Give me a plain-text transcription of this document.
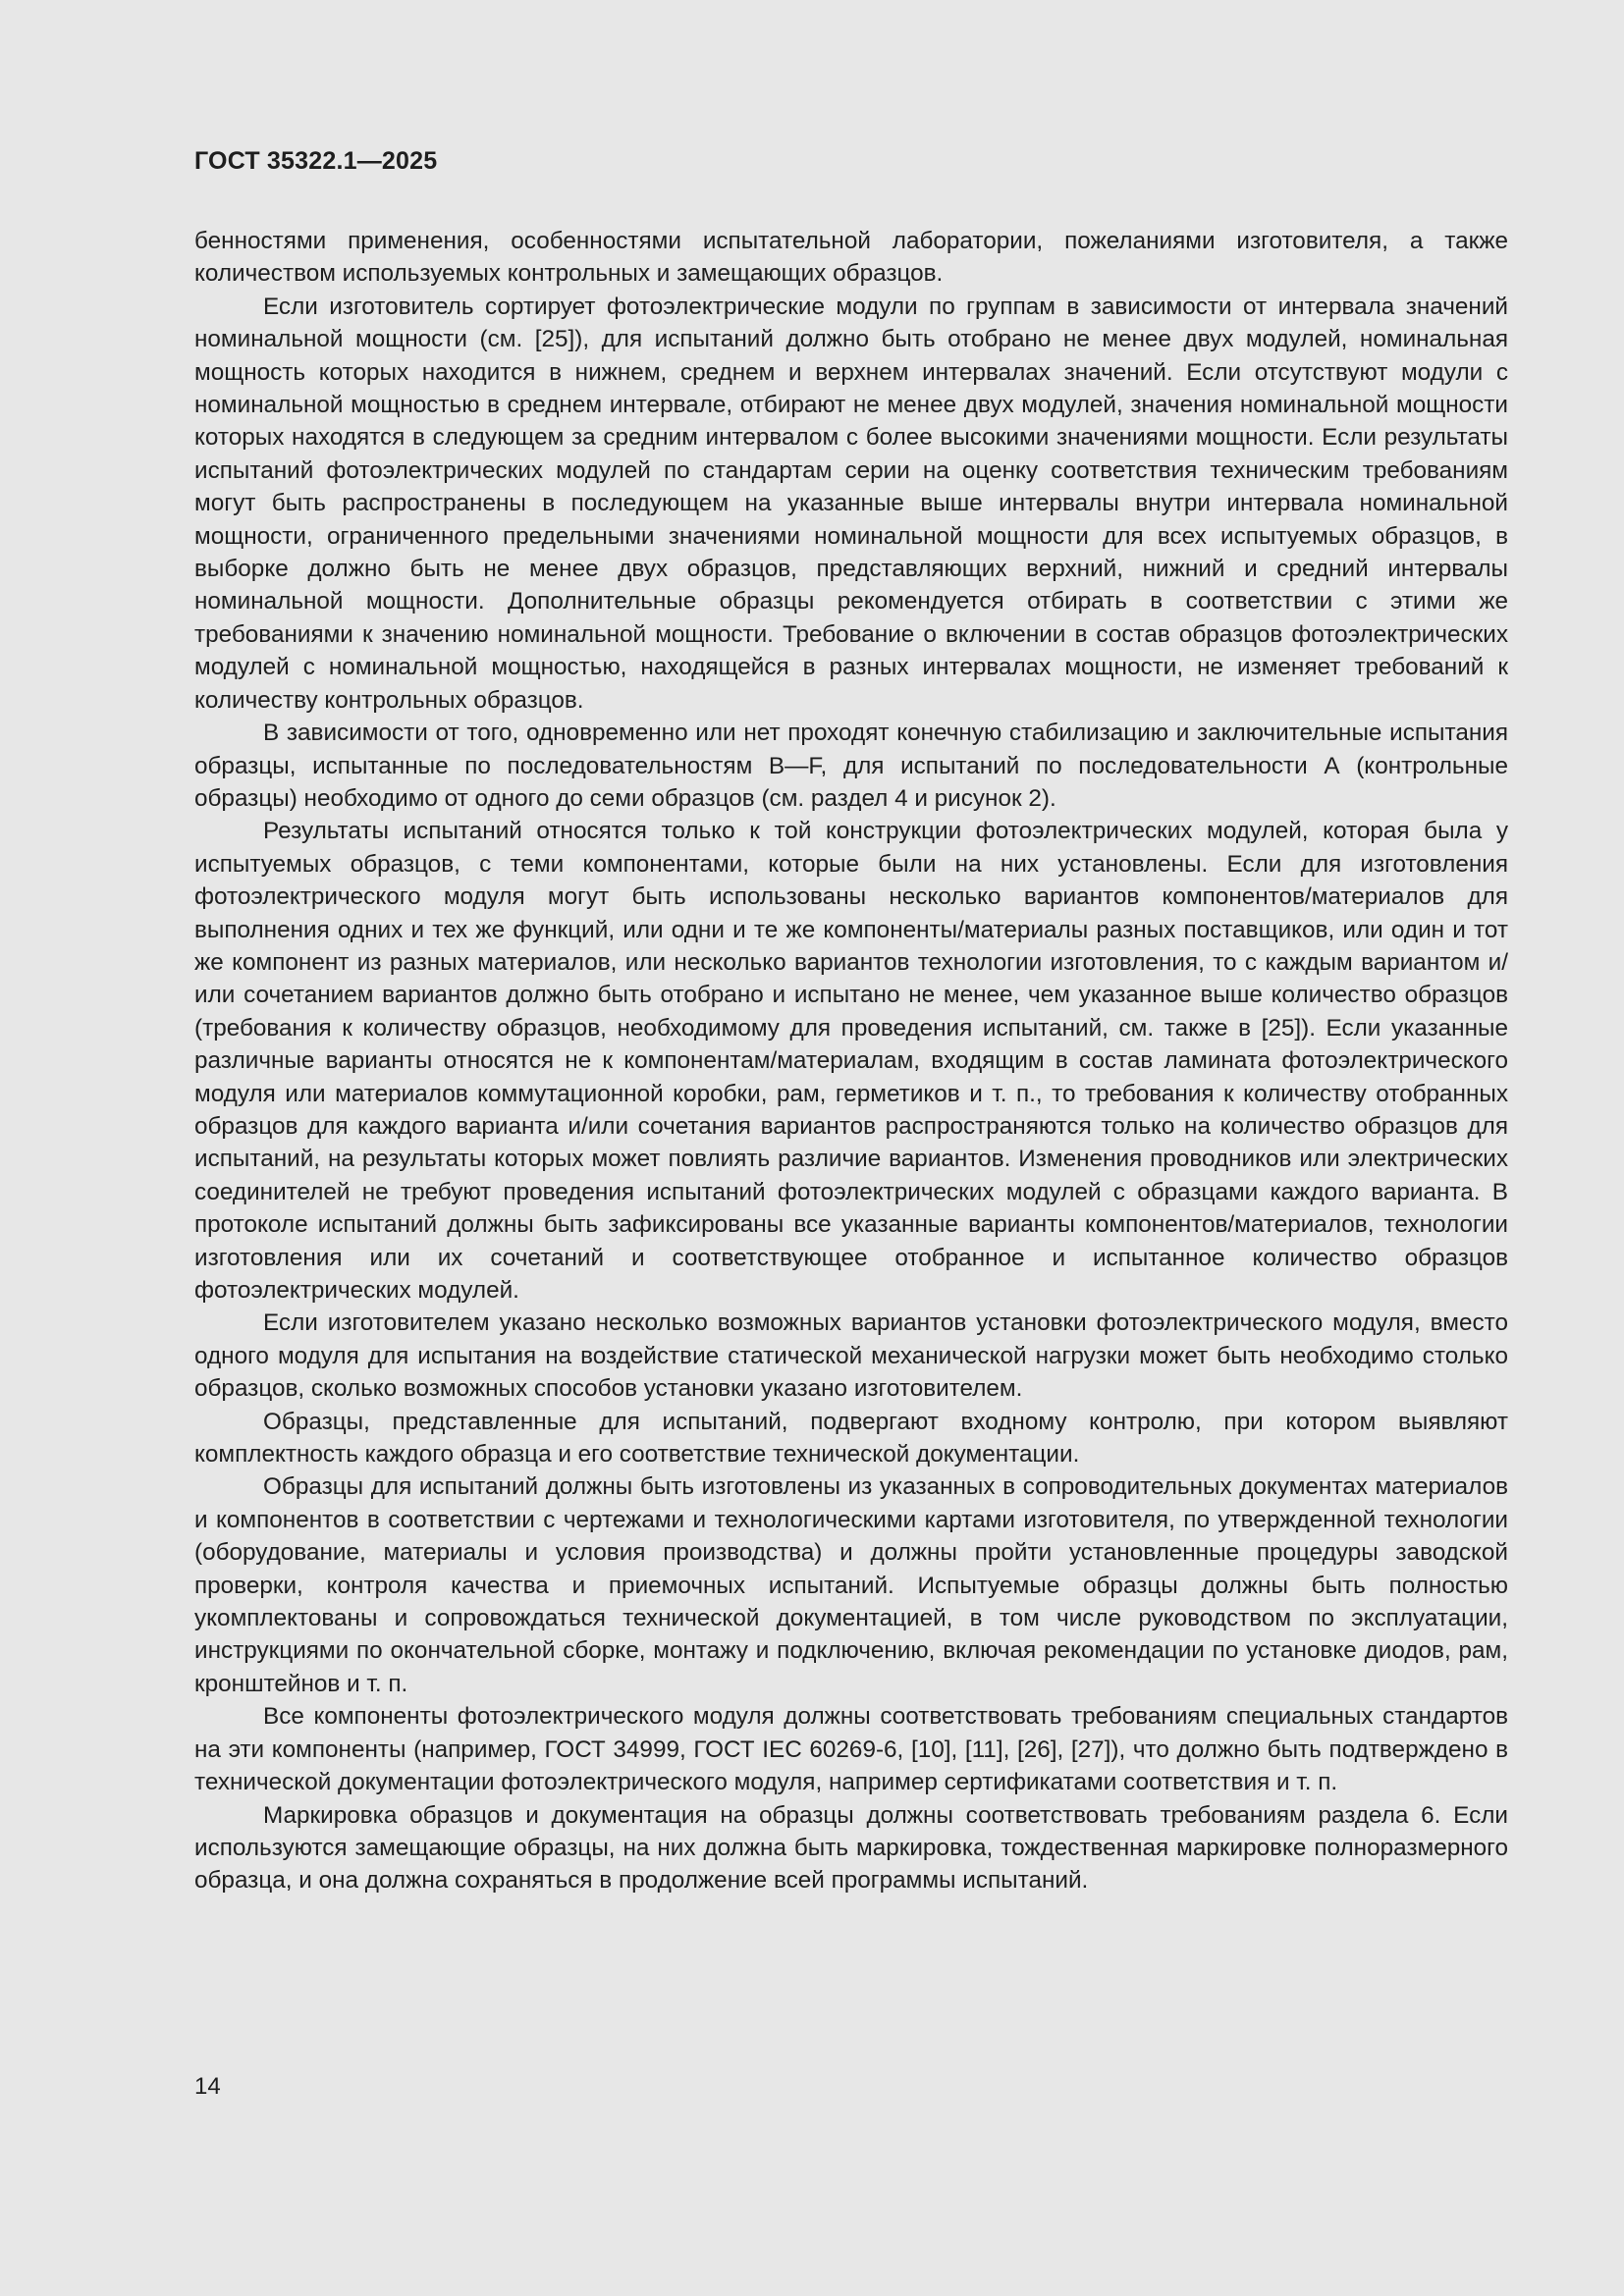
ГОСТ 35322.1—2025

бенностями применения, особенностями испытательной лаборатории, пожеланиями изготовителя, а также количеством используемых контрольных и замещающих образцов.

Если изготовитель сортирует фотоэлектрические модули по группам в зависимости от интервала значений номинальной мощности (см. [25]), для испытаний должно быть отобрано не менее двух модулей, номинальная мощность которых находится в нижнем, среднем и верхнем интервалах значений. Если отсутствуют модули с номинальной мощностью в среднем интервале, отбирают не менее двух модулей, значения номинальной мощности которых находятся в следующем за средним интервалом с более высокими значениями мощности. Если результаты испытаний фотоэлектрических модулей по стандартам серии на оценку соответствия техническим требованиям могут быть распространены в последующем на указанные выше интервалы внутри интервала номинальной мощности, ограниченного предельными значениями номинальной мощности для всех испытуемых образцов, в выборке должно быть не менее двух образцов, представляющих верхний, нижний и средний интервалы номинальной мощности. Дополнительные образцы рекомендуется отбирать в соответствии с этими же требованиями к значению номинальной мощности. Требование о включении в состав образцов фотоэлектрических модулей с номинальной мощностью, находящейся в разных интервалах мощности, не изменяет требований к количеству контрольных образцов.

В зависимости от того, одновременно или нет проходят конечную стабилизацию и заключительные испытания образцы, испытанные по последовательностям В—F, для испытаний по последовательности А (контрольные образцы) необходимо от одного до семи образцов (см. раздел 4 и рисунок 2).

Результаты испытаний относятся только к той конструкции фотоэлектрических модулей, которая была у испытуемых образцов, с теми компонентами, которые были на них установлены. Если для изготовления фотоэлектрического модуля могут быть использованы несколько вариантов компонентов/материалов для выполнения одних и тех же функций, или одни и те же компоненты/материалы разных поставщиков, или один и тот же компонент из разных материалов, или несколько вариантов технологии изготовления, то с каждым вариантом и/или сочетанием вариантов должно быть отобрано и испытано не менее, чем указанное выше количество образцов (требования к количеству образцов, необходимому для проведения испытаний, см. также в [25]). Если указанные различные варианты относятся не к компонентам/материалам, входящим в состав ламината фотоэлектрического модуля или материалов коммутационной коробки, рам, герметиков и т. п., то требования к количеству отобранных образцов для каждого варианта и/или сочетания вариантов распространяются только на количество образцов для испытаний, на результаты которых может повлиять различие вариантов. Изменения проводников или электрических соединителей не требуют проведения испытаний фотоэлектрических модулей с образцами каждого варианта. В протоколе испытаний должны быть зафиксированы все указанные варианты компонентов/материалов, технологии изготовления или их сочетаний и соответствующее отобранное и испытанное количество образцов фотоэлектрических модулей.

Если изготовителем указано несколько возможных вариантов установки фотоэлектрического модуля, вместо одного модуля для испытания на воздействие статической механической нагрузки может быть необходимо столько образцов, сколько возможных способов установки указано изготовителем.

Образцы, представленные для испытаний, подвергают входному контролю, при котором выявляют комплектность каждого образца и его соответствие технической документации.

Образцы для испытаний должны быть изготовлены из указанных в сопроводительных документах материалов и компонентов в соответствии с чертежами и технологическими картами изготовителя, по утвержденной технологии (оборудование, материалы и условия производства) и должны пройти установленные процедуры заводской проверки, контроля качества и приемочных испытаний. Испытуемые образцы должны быть полностью укомплектованы и сопровождаться технической документацией, в том числе руководством по эксплуатации, инструкциями по окончательной сборке, монтажу и подключению, включая рекомендации по установке диодов, рам, кронштейнов и т. п.

Все компоненты фотоэлектрического модуля должны соответствовать требованиям специальных стандартов на эти компоненты (например, ГОСТ 34999, ГОСТ IEC 60269-6, [10], [11], [26], [27]), что должно быть подтверждено в технической документации фотоэлектрического модуля, например сертификатами соответствия и т. п.

Маркировка образцов и документация на образцы должны соответствовать требованиям раздела 6. Если используются замещающие образцы, на них должна быть маркировка, тождественная маркировке полноразмерного образца, и она должна сохраняться в продолжение всей программы испытаний.

14
